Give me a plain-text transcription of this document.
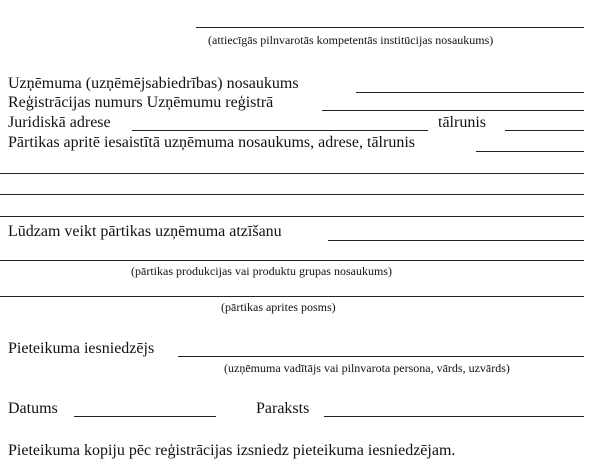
(attiecīgās pilnvarotās kompetentās institūcijas nosaukums)
Uzņēmuma (uzņēmējsabiedrības) nosaukums
Reģistrācijas numurs Uzņēmumu reģistrā
Juridiskā adrese	tālrunis
Pārtikas apritē iesaistītā uzņēmuma nosaukums, adrese, tālrunis
Lūdzam veikt pārtikas uzņēmuma atzīšanu
(pārtikas produkcijas vai produktu grupas nosaukums)
(pārtikas aprites posms)
Pieteikuma iesniedzējs
(uzņēmuma vadītājs vai pilnvarota persona, vārds, uzvārds)
Datums	Paraksts
Pieteikuma kopiju pēc reģistrācijas izsniedz pieteikuma iesniedzējam.
